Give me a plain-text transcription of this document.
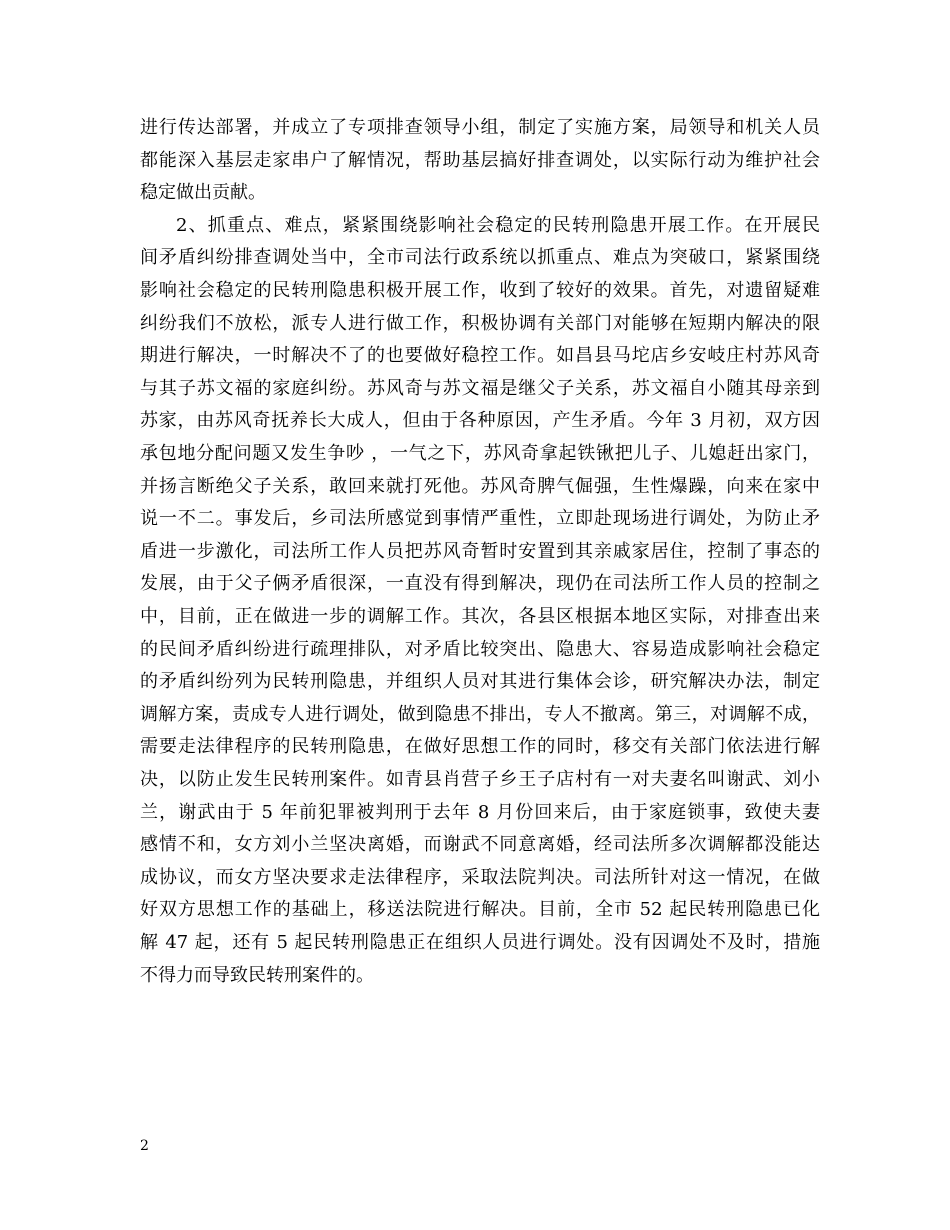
进行传达部署，并成立了专项排查领导小组，制定了实施方案，局领导和机关人员
都能深入基层走家串户了解情况，帮助基层搞好排查调处，以实际行动为维护社会
稳定做出贡献。
2、抓重点、难点，紧紧围绕影响社会稳定的民转刑隐患开展工作。在开展民
间矛盾纠纷排查调处当中，全市司法行政系统以抓重点、难点为突破口，紧紧围绕
影响社会稳定的民转刑隐患积极开展工作，收到了较好的效果。首先，对遗留疑难
纠纷我们不放松，派专人进行做工作，积极协调有关部门对能够在短期内解决的限
期进行解决，一时解决不了的也要做好稳控工作。如昌县马坨店乡安岐庄村苏风奇
与其子苏文福的家庭纠纷。苏风奇与苏文福是继父子关系，苏文福自小随其母亲到
苏家，由苏风奇抚养长大成人，但由于各种原因，产生矛盾。今年 3 月初，双方因
承包地分配问题又发生争吵 ，一气之下，苏风奇拿起铁锹把儿子、儿媳赶出家门，
并扬言断绝父子关系，敢回来就打死他。苏风奇脾气倔强，生性爆躁，向来在家中
说一不二。事发后，乡司法所感觉到事情严重性，立即赴现场进行调处，为防止矛
盾进一步激化，司法所工作人员把苏风奇暂时安置到其亲戚家居住，控制了事态的
发展，由于父子俩矛盾很深，一直没有得到解决，现仍在司法所工作人员的控制之
中，目前，正在做进一步的调解工作。其次，各县区根据本地区实际，对排查出来
的民间矛盾纠纷进行疏理排队，对矛盾比较突出、隐患大、容易造成影响社会稳定
的矛盾纠纷列为民转刑隐患，并组织人员对其进行集体会诊，研究解决办法，制定
调解方案，责成专人进行调处，做到隐患不排出，专人不撤离。第三，对调解不成，
需要走法律程序的民转刑隐患，在做好思想工作的同时，移交有关部门依法进行解
决，以防止发生民转刑案件。如青县肖营子乡王子店村有一对夫妻名叫谢武、刘小
兰，谢武由于 5 年前犯罪被判刑于去年 8 月份回来后，由于家庭锁事，致使夫妻
感情不和，女方刘小兰坚决离婚，而谢武不同意离婚，经司法所多次调解都没能达
成协议，而女方坚决要求走法律程序，采取法院判决。司法所针对这一情况，在做
好双方思想工作的基础上，移送法院进行解决。目前，全市 52 起民转刑隐患已化
解 47 起，还有 5 起民转刑隐患正在组织人员进行调处。没有因调处不及时，措施
不得力而导致民转刑案件的。
2
